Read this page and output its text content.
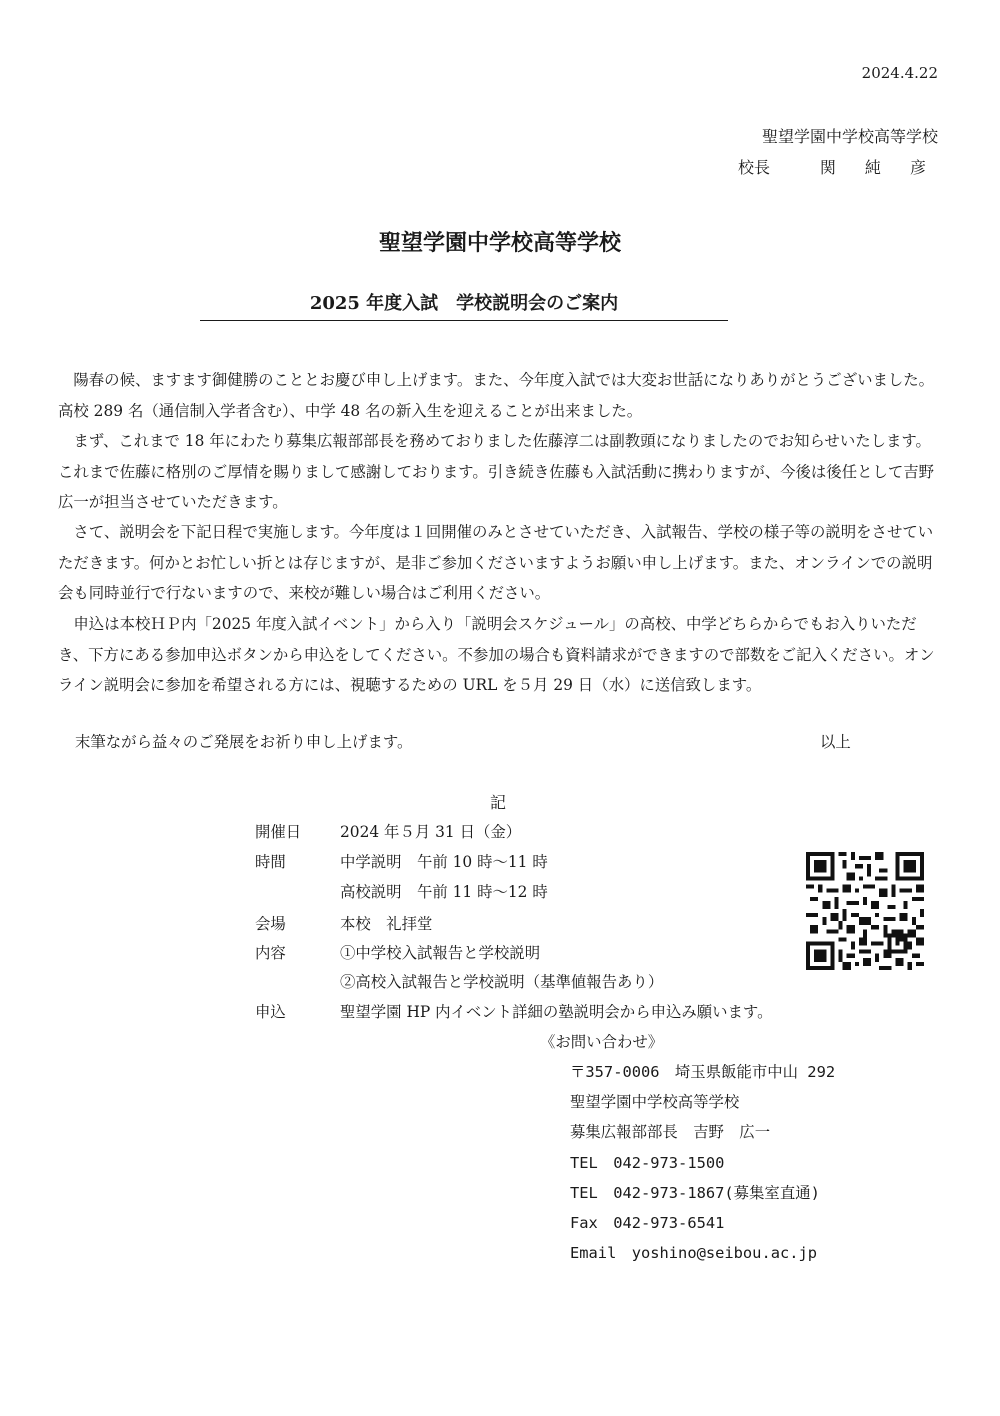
2024.4.22
聖望学園中学校高等学校
校長	関 純 彦
聖望学園中学校高等学校
2025 年度入試　学校説明会のご案内
陽春の候、ますます御健勝のこととお慶び申し上げます。また、今年度入試では大変お世話になりありがとうございました。高校 289 名（通信制入学者含む）、中学 48 名の新入生を迎えることが出来ました。
まず、これまで 18 年にわたり募集広報部部長を務めておりました佐藤淳二は副教頭になりましたのでお知らせいたします。これまで佐藤に格別のご厚情を賜りまして感謝しております。引き続き佐藤も入試活動に携わりますが、今後は後任として吉野広一が担当させていただきます。
さて、説明会を下記日程で実施します。今年度は１回開催のみとさせていただき、入試報告、学校の様子等の説明をさせていただきます。何かとお忙しい折とは存じますが、是非ご参加くださいますようお願い申し上げます。また、オンラインでの説明会も同時並行で行ないますので、来校が難しい場合はご利用ください。
申込は本校ＨＰ内「2025 年度入試イベント」から入り「説明会スケジュール」の高校、中学どちらからでもお入りいただき、下方にある参加申込ボタンから申込をしてください。不参加の場合も資料請求ができますので部数をご記入ください。オンライン説明会に参加を希望される方には、視聴するための URL を５月 29 日（水）に送信致します。
末筆ながら益々のご発展をお祈り申し上げます。	以上
記
開催日	2024 年５月 31 日（金）
時間	中学説明　午前 10 時～11 時
高校説明　午前 11 時～12 時
会場	本校　礼拝堂
内容	①中学校入試報告と学校説明
②高校入試報告と学校説明（基準値報告あり）
申込	聖望学園 HP 内イベント詳細の塾説明会から申込み願います。
《お問い合わせ》
〒357-0006　埼玉県飯能市中山 292
聖望学園中学校高等学校
募集広報部部長　吉野　広一
TEL　042-973-1500
TEL　042-973-1867(募集室直通)
Fax　042-973-6541
Email　yoshino@seibou.ac.jp
